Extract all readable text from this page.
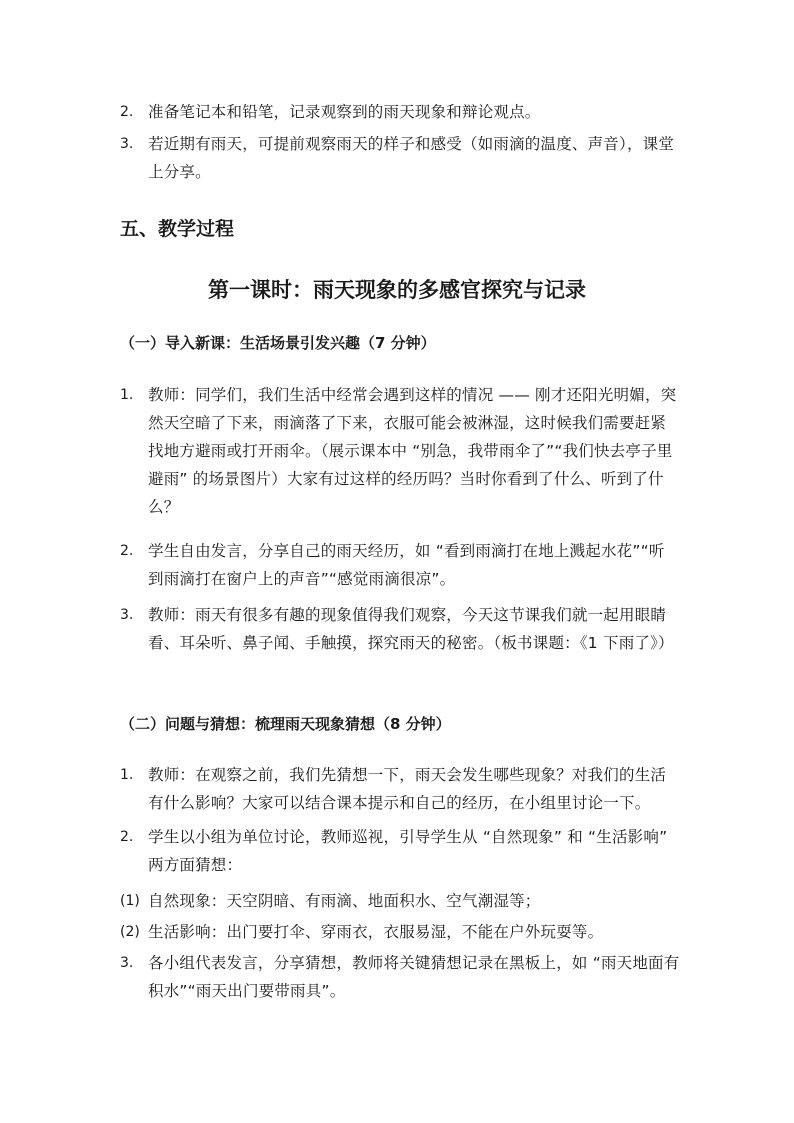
2. 准备笔记本和铅笔，记录观察到的雨天现象和辩论观点。
3. 若近期有雨天，可提前观察雨天的样子和感受（如雨滴的温度、声音），课堂上分享。
五、教学过程
第一课时：雨天现象的多感官探究与记录
（一）导入新课：生活场景引发兴趣（7 分钟）
1. 教师：同学们，我们生活中经常会遇到这样的情况 —— 刚才还阳光明媚，突然天空暗了下来，雨滴落了下来，衣服可能会被淋湿，这时候我们需要赶紧找地方避雨或打开雨伞。（展示课本中 “别急，我带雨伞了”“我们快去亭子里避雨” 的场景图片）大家有过这样的经历吗？当时你看到了什么、听到了什么？
2. 学生自由发言，分享自己的雨天经历，如 “看到雨滴打在地上溅起水花”“听到雨滴打在窗户上的声音”“感觉雨滴很凉”。
3. 教师：雨天有很多有趣的现象值得我们观察，今天这节课我们就一起用眼睛看、耳朵听、鼻子闻、手触摸，探究雨天的秘密。（板书课题：《1 下雨了》）
（二）问题与猜想：梳理雨天现象猜想（8 分钟）
1. 教师：在观察之前，我们先猜想一下，雨天会发生哪些现象？对我们的生活有什么影响？大家可以结合课本提示和自己的经历，在小组里讨论一下。
2. 学生以小组为单位讨论，教师巡视，引导学生从 “自然现象” 和 “生活影响” 两方面猜想：
(1) 自然现象：天空阴暗、有雨滴、地面积水、空气潮湿等；
(2) 生活影响：出门要打伞、穿雨衣，衣服易湿，不能在户外玩耍等。
3. 各小组代表发言，分享猜想，教师将关键猜想记录在黑板上，如 “雨天地面有积水”“雨天出门要带雨具”。
